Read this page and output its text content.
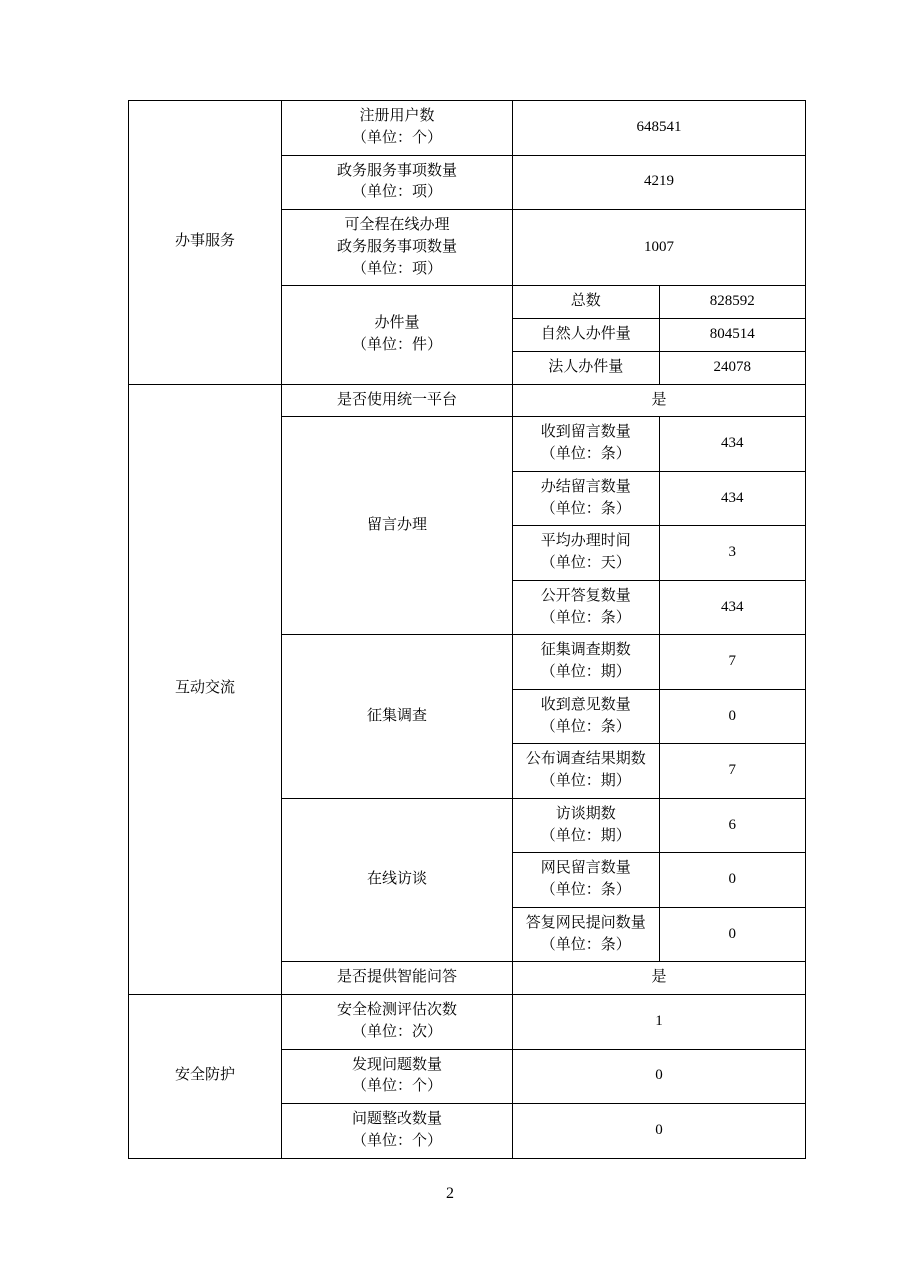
办事服务	注册用户数
（单位：个）	648541	
	政务服务事项数量
（单位：项）	4219	
	可全程在线办理
政务服务事项数量
（单位：项）	1007	
	办件量
（单位：件）	总数	828592
		自然人办件量	804514
		法人办件量	24078
互动交流	是否使用统一平台	是	
	留言办理	收到留言数量
（单位：条）	434
		办结留言数量
（单位：条）	434
		平均办理时间
（单位：天）	3
		公开答复数量
（单位：条）	434
	征集调查	征集调查期数
（单位：期）	7
		收到意见数量
（单位：条）	0
		公布调查结果期数
（单位：期）	7
	在线访谈	访谈期数
（单位：期）	6
		网民留言数量
（单位：条）	0
		答复网民提问数量
（单位：条）	0
	是否提供智能问答	是	
安全防护	安全检测评估次数
（单位：次）	1	
	发现问题数量
（单位：个）	0	
	问题整改数量
（单位：个）	0	
2
